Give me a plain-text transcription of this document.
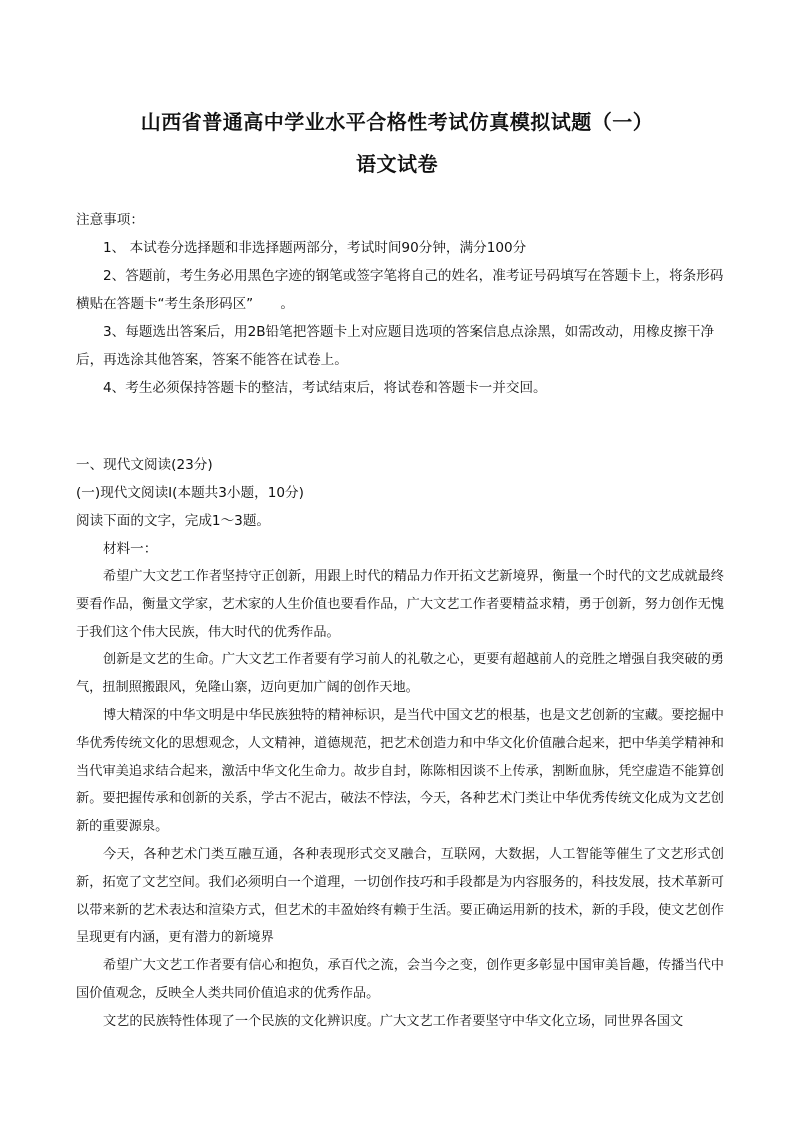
山西省普通高中学业水平合格性考试仿真模拟试题（一）
语文试卷

注意事项：

1、 本试卷分选择题和非选择题两部分，考试时间90分钟，满分100分

2、答题前，考生务必用黑色字迹的钢笔或签字笔将自己的姓名，准考证号码填写在答题卡上，将条形码横贴在答题卡“考生条形码区”　　。

3、每题选出答案后，用2B铅笔把答题卡上对应题目选项的答案信息点涂黑，如需改动，用橡皮擦干净后，再选涂其他答案，答案不能答在试卷上。

4、考生必须保持答题卡的整洁，考试结束后，将试卷和答题卡一并交回。

一、现代文阅读(23分)

(一)现代文阅读Ⅰ(本题共3小题，10分)

阅读下面的文字，完成1～3题。

材料一：

希望广大文艺工作者坚持守正创新，用跟上时代的精品力作开拓文艺新境界，衡量一个时代的文艺成就最终要看作品，衡量文学家，艺术家的人生价值也要看作品，广大文艺工作者要精益求精，勇于创新，努力创作无愧于我们这个伟大民族，伟大时代的优秀作品。

创新是文艺的生命。广大文艺工作者要有学习前人的礼敬之心，更要有超越前人的竞胜之增强自我突破的勇气，扭制照搬跟风，免隆山寨，迈向更加广阔的创作天地。

博大精深的中华文明是中华民族独特的精神标识，是当代中国文艺的根基，也是文艺创新的宝藏。要挖掘中华优秀传统文化的思想观念，人文精神，道德规范，把艺术创造力和中华文化价值融合起来，把中华美学精神和当代审美追求结合起来，激活中华文化生命力。故步自封，陈陈相因谈不上传承，割断血脉，凭空虚造不能算创新。要把握传承和创新的关系，学古不泥古，破法不悖法，今天，各种艺术门类让中华优秀传统文化成为文艺创新的重要源泉。

今天，各种艺术门类互融互通，各种表现形式交叉融合，互联网，大数据，人工智能等催生了文艺形式创新，拓宽了文艺空间。我们必须明白一个道理，一切创作技巧和手段都是为内容服务的，科技发展，技术革新可以带来新的艺术表达和渲染方式，但艺术的丰盈始终有赖于生活。要正确运用新的技术，新的手段，使文艺创作呈现更有内涵，更有潜力的新境界

希望广大文艺工作者要有信心和抱负，承百代之流，会当今之变，创作更多彰显中国审美旨趣，传播当代中国价值观念，反映全人类共同价值追求的优秀作品。

文艺的民族特性体现了一个民族的文化辨识度。广大文艺工作者要坚守中华文化立场，同世界各国文
